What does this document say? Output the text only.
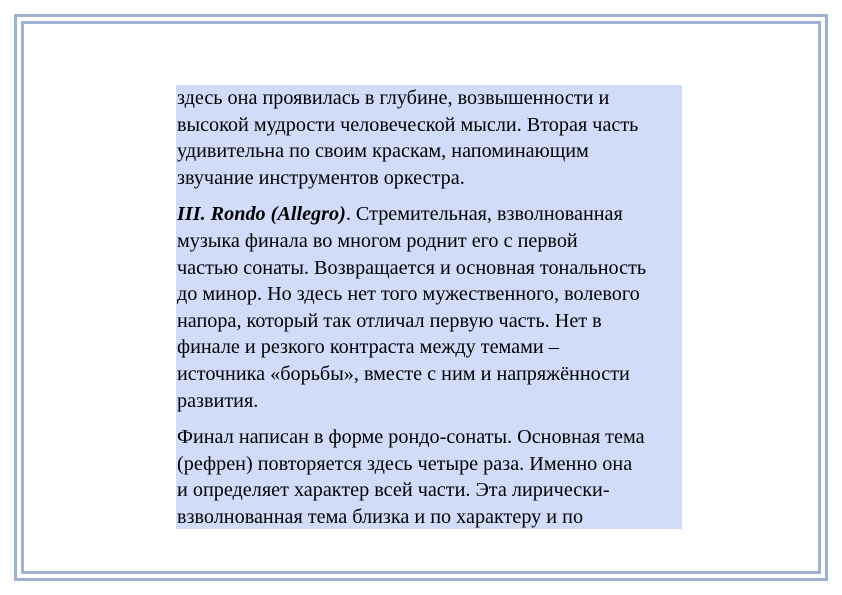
здесь она проявилась в глубине, возвышенности и
высокой мудрости человеческой мысли. Вторая часть
удивительна по своим краскам, напоминающим
звучание инструментов оркестра.

III. Rondo (Allegro). Стремительная, взволнованная
музыка финала во многом роднит его с первой
частью сонаты. Возвращается и основная тональность
до минор. Но здесь нет того мужественного, волевого
напора, который так отличал первую часть. Нет в
финале и резкого контраста между темами –
источника «борьбы», вместе с ним и напряжённости
развития.

Финал написан в форме рондо-сонаты. Основная тема
(рефрен) повторяется здесь четыре раза. Именно она
и определяет характер всей части. Эта лирически-
взволнованная тема близка и по характеру и по
